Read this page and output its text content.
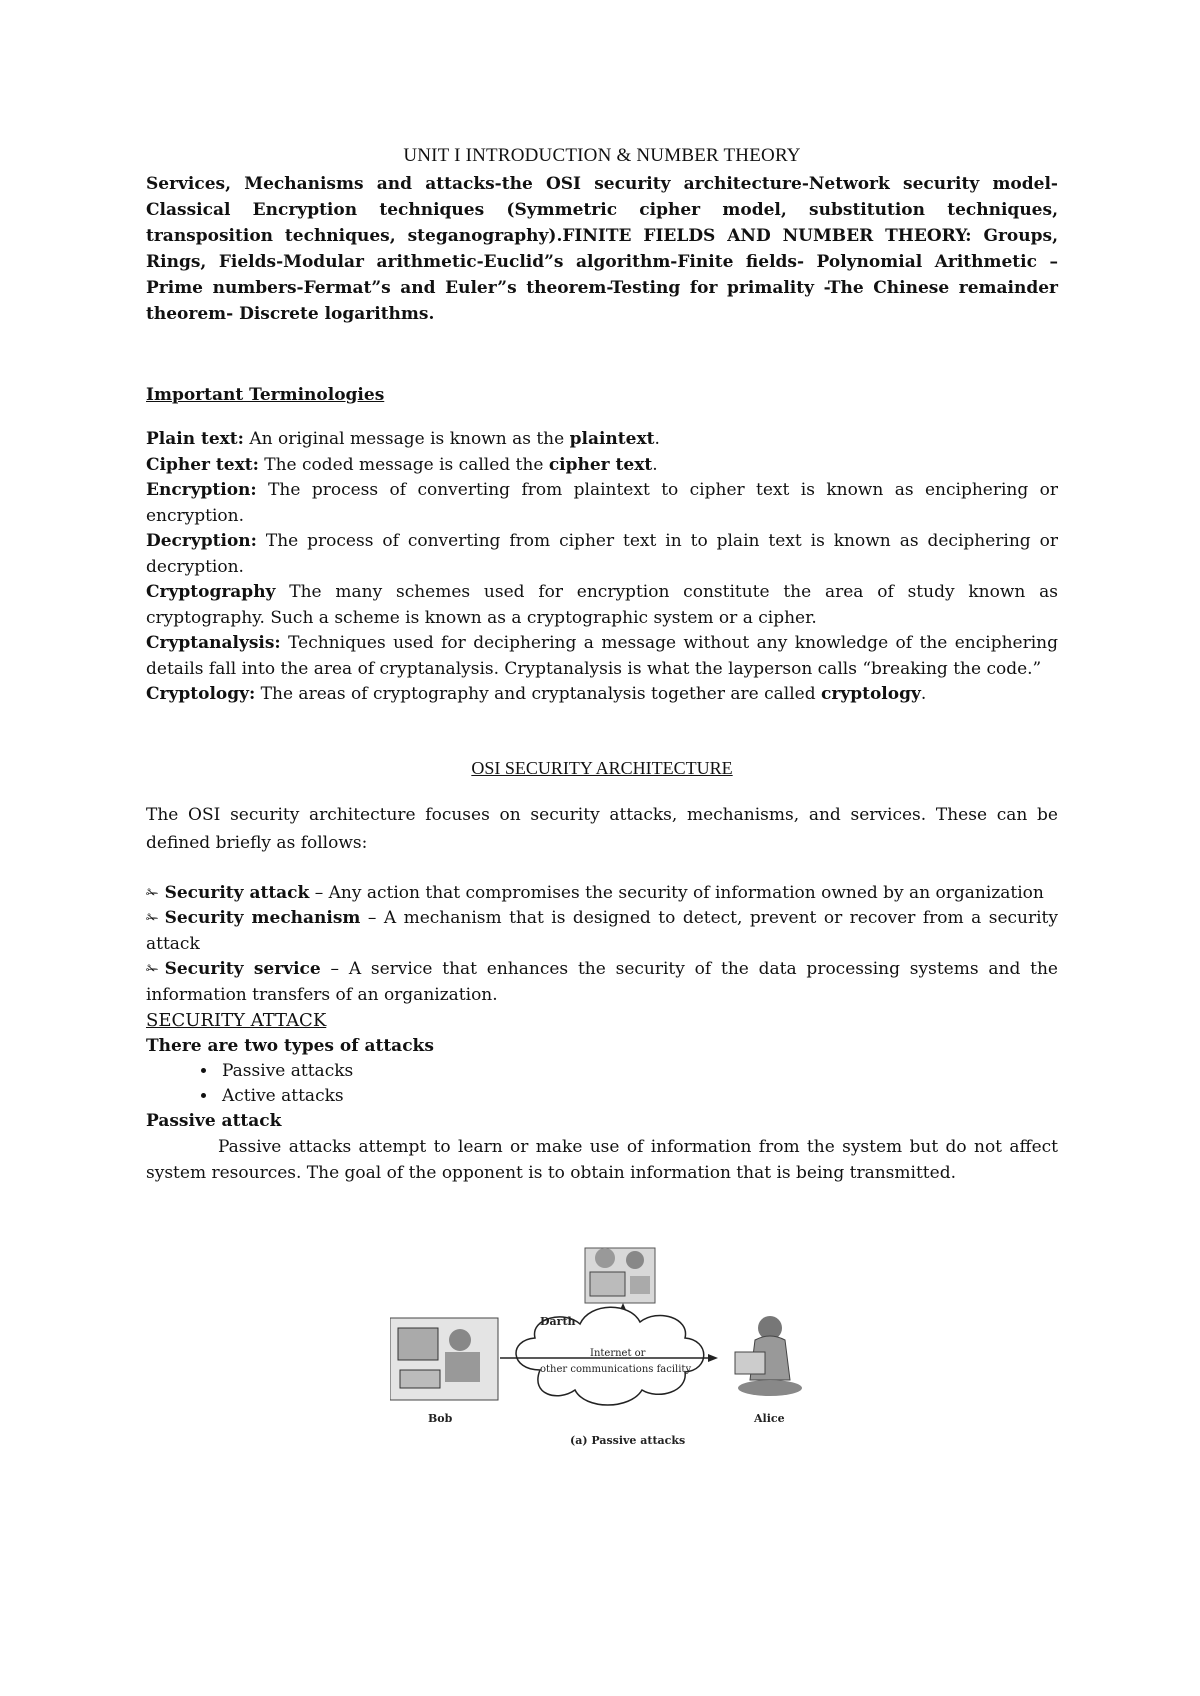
UNIT I INTRODUCTION & NUMBER THEORY

Services, Mechanisms and attacks-the OSI security architecture-Network security model-Classical Encryption techniques (Symmetric cipher model, substitution techniques, transposition techniques, steganography).FINITE FIELDS AND NUMBER THEORY: Groups, Rings, Fields-Modular arithmetic-Euclid”s algorithm-Finite fields- Polynomial Arithmetic – Prime numbers-Fermat”s and Euler”s theorem-Testing for primality -The Chinese remainder theorem- Discrete logarithms.

Important Terminologies

Plain text: An original message is known as the plaintext.

Cipher text: The coded message is called the cipher text.

Encryption: The process of converting from plaintext to cipher text is known as enciphering or encryption.

Decryption: The process of converting from cipher text in to plain text is known as deciphering or decryption.

Cryptography The many schemes used for encryption constitute the area of study known as cryptography. Such a scheme is known as a cryptographic system or a cipher.

Cryptanalysis: Techniques used for deciphering a message without any knowledge of the enciphering details fall into the area of cryptanalysis. Cryptanalysis is what the layperson calls “breaking the code.”

Cryptology: The areas of cryptography and cryptanalysis together are called cryptology.

OSI SECURITY ARCHITECTURE

The OSI security architecture focuses on security attacks, mechanisms, and services. These can be defined briefly as follows:

✁ Security attack – Any action that compromises the security of information owned by an organization

✁ Security mechanism – A mechanism that is designed to detect, prevent or recover from a security attack

✁ Security service – A service that enhances the security of the data processing systems and the information transfers of an organization.

SECURITY ATTACK

There are two types of attacks

• Passive attacks
• Active attacks

Passive attack

Passive attacks attempt to learn or make use of information from the system but do not affect system resources. The goal of the opponent is to obtain information that is being transmitted.

Darth
Bob	Alice
Internet or
other communications facility
(a) Passive attacks
